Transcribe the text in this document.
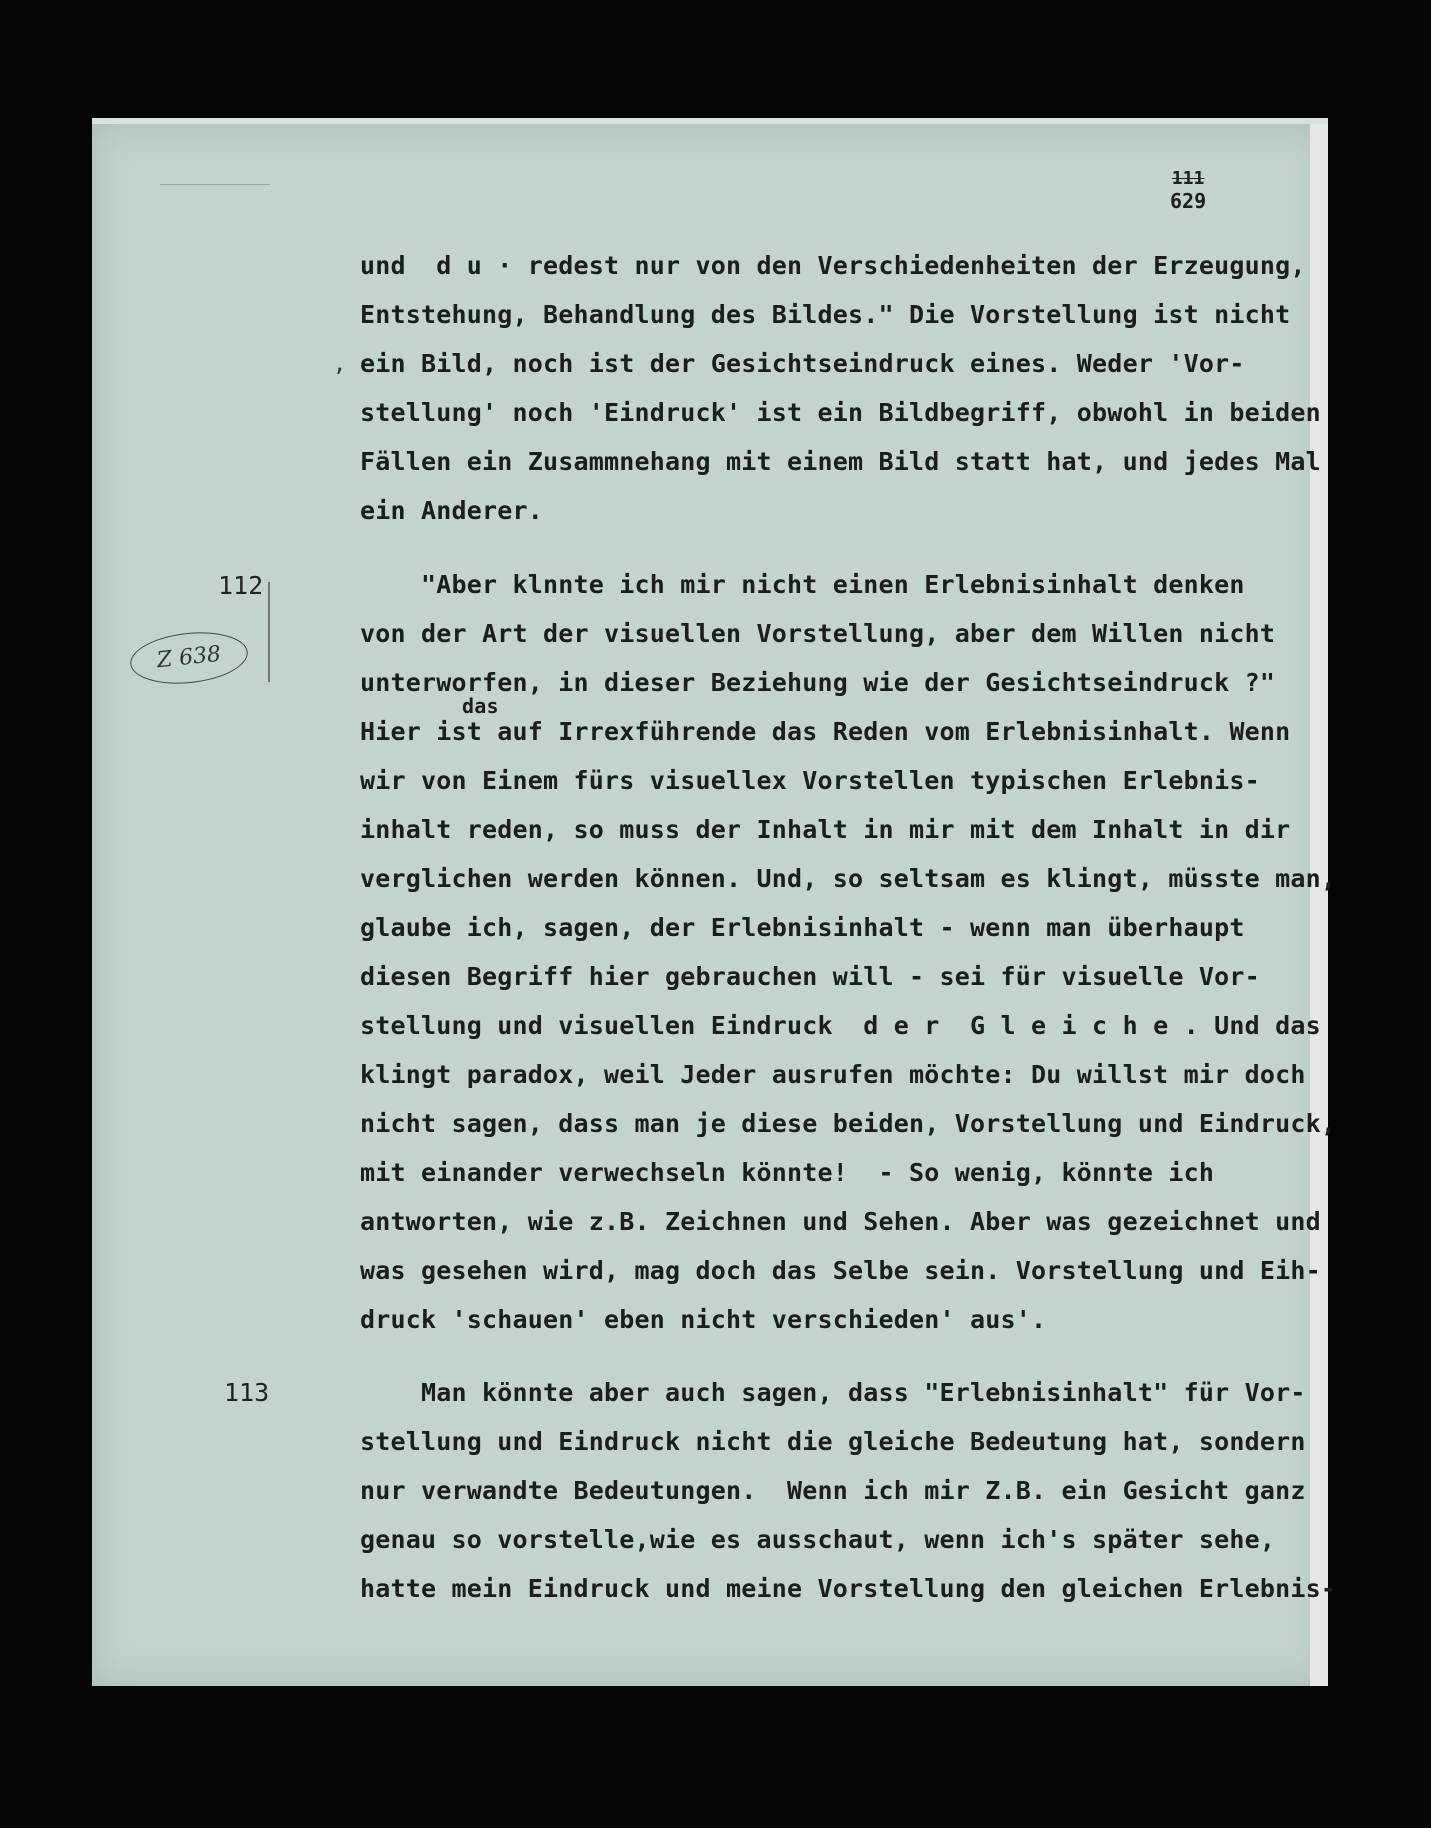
111
629
112
Z 638
113
,
und  d u · redest nur von den Verschiedenheiten der Erzeugung,
Entstehung, Behandlung des Bildes." Die Vorstellung ist nicht
ein Bild, noch ist der Gesichtseindruck eines. Weder 'Vor-
stellung' noch 'Eindruck' ist ein Bildbegriff, obwohl in beiden
Fällen ein Zusammnehang mit einem Bild statt hat, und jedes Mal
ein Anderer.
"Aber klnnte ich mir nicht einen Erlebnisinhalt denken
von der Art der visuellen Vorstellung, aber dem Willen nicht
unterworfen, in dieser Beziehung wie der Gesichtseindruck ?"
das
Hier ist auf Irrexführende das Reden vom Erlebnisinhalt. Wenn
wir von Einem fürs visuellex Vorstellen typischen Erlebnis-
inhalt reden, so muss der Inhalt in mir mit dem Inhalt in dir
verglichen werden können. Und, so seltsam es klingt, müsste man,
glaube ich, sagen, der Erlebnisinhalt - wenn man überhaupt
diesen Begriff hier gebrauchen will - sei für visuelle Vor-
stellung und visuellen Eindruck  d e r  G l e i c h e . Und das
klingt paradox, weil Jeder ausrufen möchte: Du willst mir doch
nicht sagen, dass man je diese beiden, Vorstellung und Eindruck,
mit einander verwechseln könnte!  - So wenig, könnte ich
antworten, wie z.B. Zeichnen und Sehen. Aber was gezeichnet und
was gesehen wird, mag doch das Selbe sein. Vorstellung und Eih-
druck 'schauen' eben nicht verschieden' aus'.
Man könnte aber auch sagen, dass "Erlebnisinhalt" für Vor-
stellung und Eindruck nicht die gleiche Bedeutung hat, sondern
nur verwandte Bedeutungen.  Wenn ich mir Z.B. ein Gesicht ganz
genau so vorstelle,wie es ausschaut, wenn ich's später sehe,
hatte mein Eindruck und meine Vorstellung den gleichen Erlebnis-
